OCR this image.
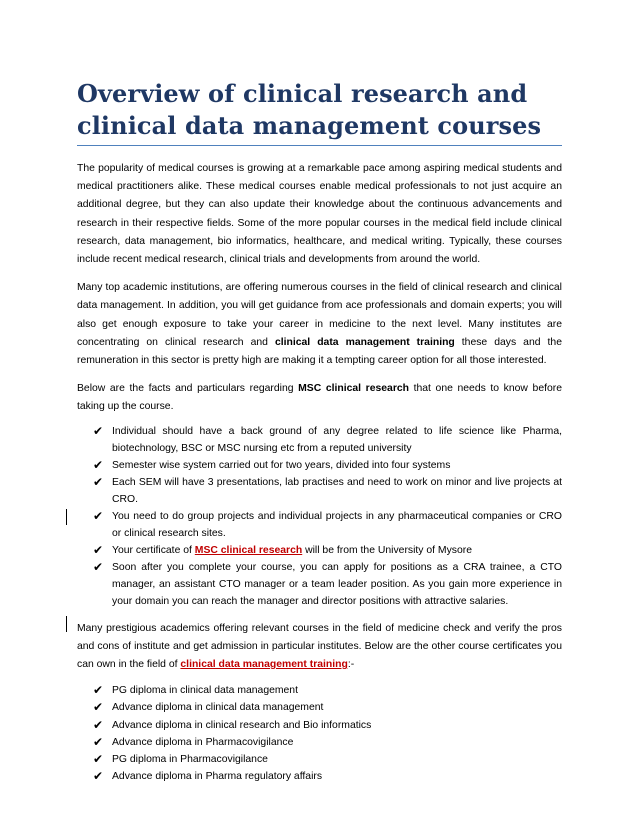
Overview of clinical research and clinical data management courses

The popularity of medical courses is growing at a remarkable pace among aspiring medical students and medical practitioners alike. These medical courses enable medical professionals to not just acquire an additional degree, but they can also update their knowledge about the continuous advancements and research in their respective fields. Some of the more popular courses in the medical field include clinical research, data management, bio informatics, healthcare, and medical writing. Typically, these courses include recent medical research, clinical trials and developments from around the world.

Many top academic institutions, are offering numerous courses in the field of clinical research and clinical data management. In addition, you will get guidance from ace professionals and domain experts; you will also get enough exposure to take your career in medicine to the next level. Many institutes are concentrating on clinical research and clinical data management training these days and the remuneration in this sector is pretty high are making it a tempting career option for all those interested.

Below are the facts and particulars regarding MSC clinical research that one needs to know before taking up the course.

✔ Individual should have a back ground of any degree related to life science like Pharma, biotechnology, BSC or MSC nursing etc from a reputed university
✔ Semester wise system carried out for two years, divided into four systems
✔ Each SEM will have 3 presentations, lab practises and need to work on minor and live projects at CRO.
✔ You need to do group projects and individual projects in any pharmaceutical companies or CRO or clinical research sites.
✔ Your certificate of MSC clinical research will be from the University of Mysore
✔ Soon after you complete your course, you can apply for positions as a CRA trainee, a CTO manager, an assistant CTO manager or a team leader position. As you gain more experience in your domain you can reach the manager and director positions with attractive salaries.

Many prestigious academics offering relevant courses in the field of medicine check and verify the pros and cons of institute and get admission in particular institutes. Below are the other course certificates you can own in the field of clinical data management training:-

✔ PG diploma in clinical data management
✔ Advance diploma in clinical data management
✔ Advance diploma in clinical research and Bio informatics
✔ Advance diploma in Pharmacovigilance
✔ PG diploma in Pharmacovigilance
✔ Advance diploma in Pharma regulatory affairs
